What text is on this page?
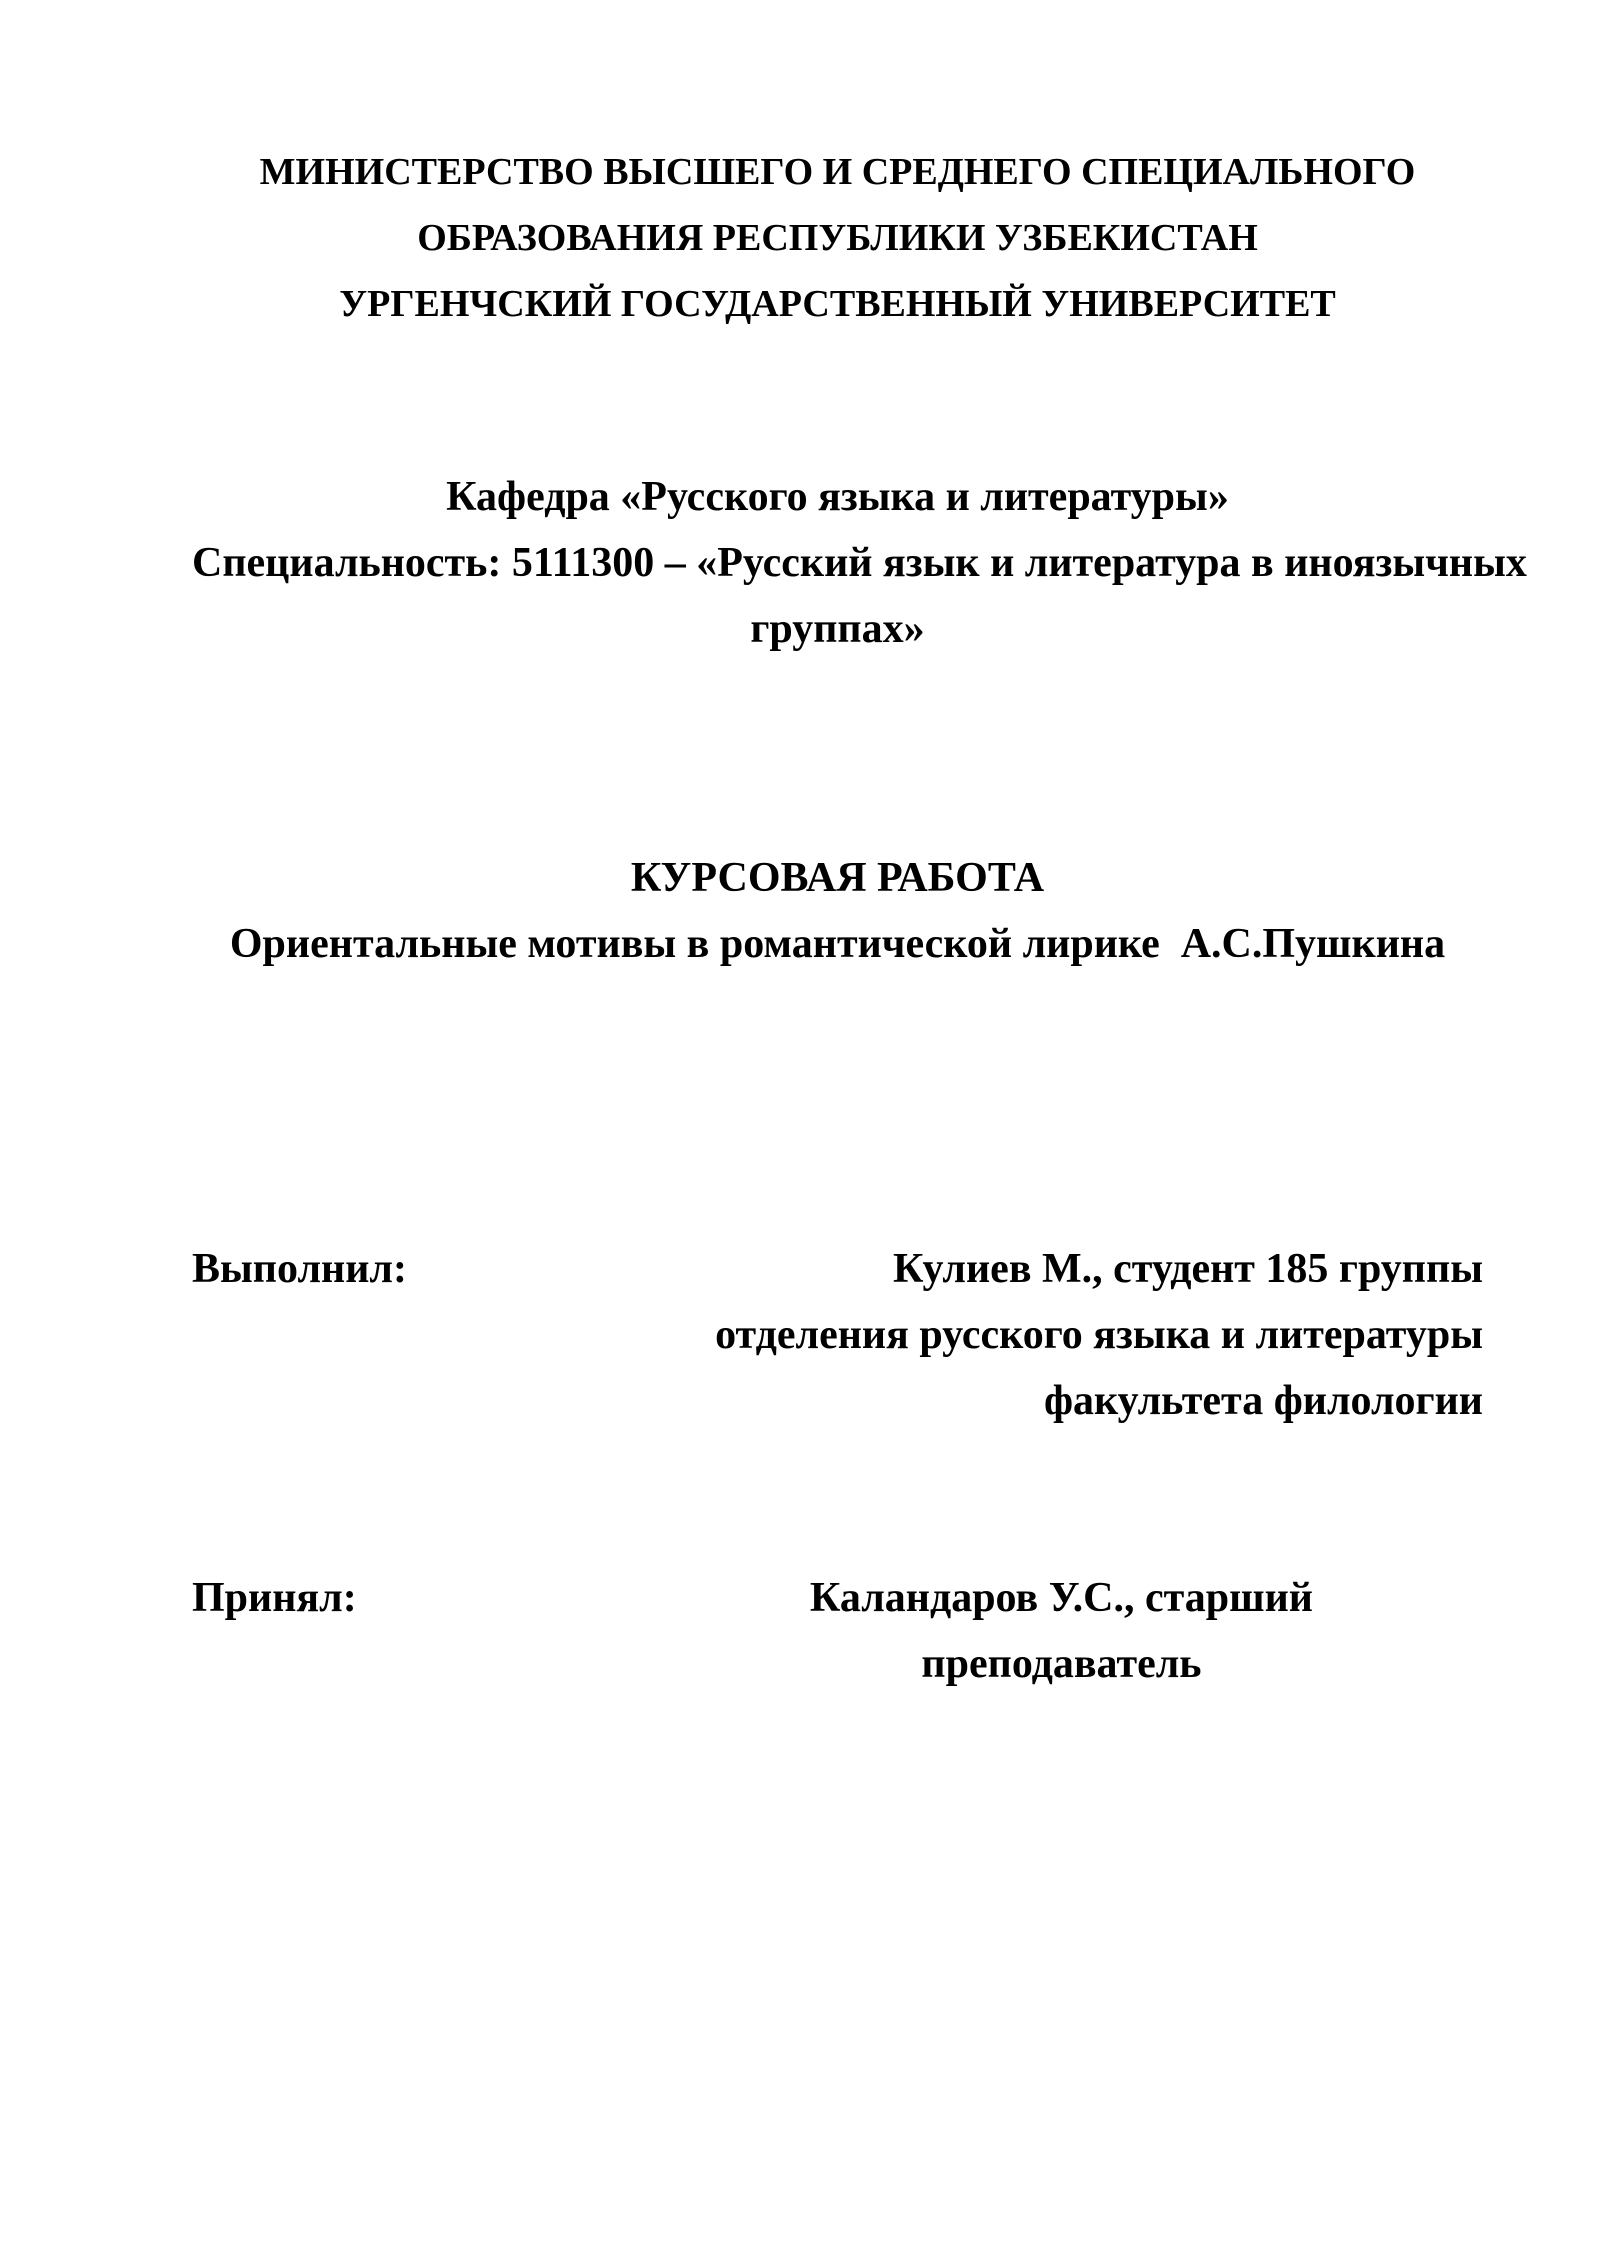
МИНИСТЕРСТВО ВЫСШЕГО И СРЕДНЕГО СПЕЦИАЛЬНОГО
ОБРАЗОВАНИЯ РЕСПУБЛИКИ УЗБЕКИСТАН
УРГЕНЧСКИЙ ГОСУДАРСТВЕННЫЙ УНИВЕРСИТЕТ
Кафедра «Русского языка и литературы»
Специальность: 5111300 – «Русский язык и литература в иноязычных
группах»
КУРСОВАЯ РАБОТА
Ориентальные мотивы в романтической лирике  А.С.Пушкина
Выполнил:	Кулиев М., студент 185 группы
отделения русского языка и литературы
факультета филологии
Принял:	Каландаров У.С., старший
преподаватель
